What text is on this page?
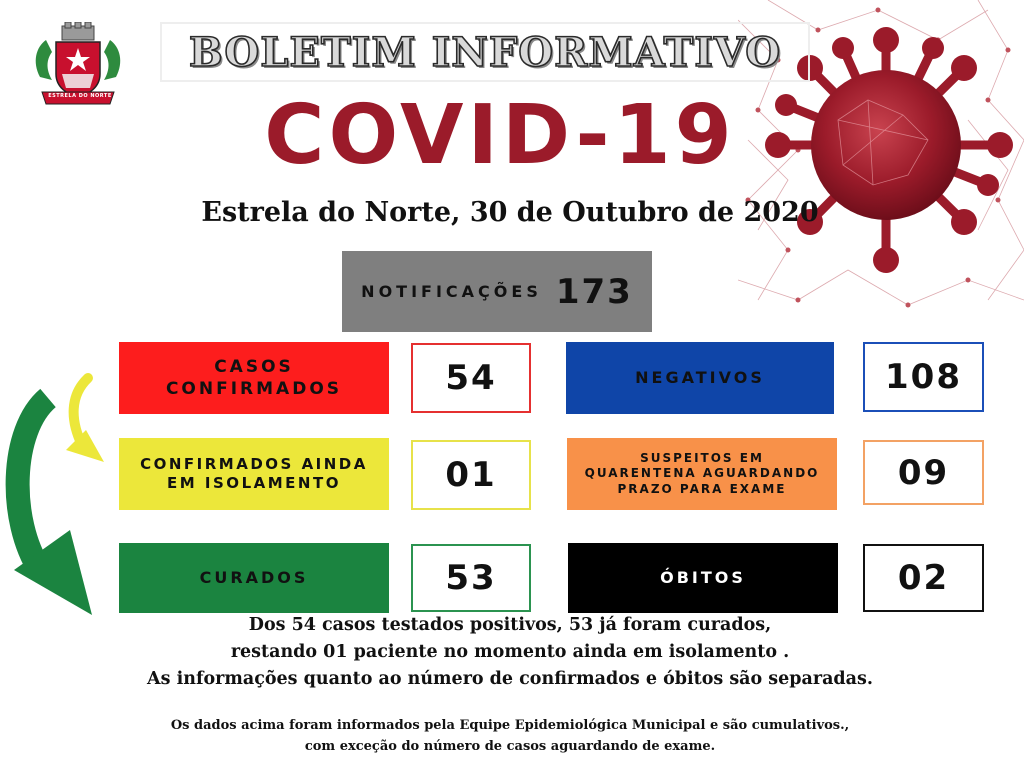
BOLETIM INFORMATIVO
ESTRELA DO NORTE COVID-19
Estrela do Norte, 30 de Outubro de 2020
NOTIFICAÇÕES 173
CASOS
CONFIRMADOS	54	NEGATIVOS	108
CONFIRMADOS AINDA
EM ISOLAMENTO	01	SUSPEITOS EM
QUARENTENA AGUARDANDO
PRAZO PARA EXAME	09
CURADOS	53	ÓBITOS	02
Dos 54 casos testados positivos, 53 já foram curados,
restando 01 paciente no momento ainda em isolamento .
As informações quanto ao número de confirmados e óbitos são separadas.
Os dados acima foram informados pela Equipe Epidemiológica Municipal e são cumulativos.,
com exceção do número de casos aguardando de exame.
